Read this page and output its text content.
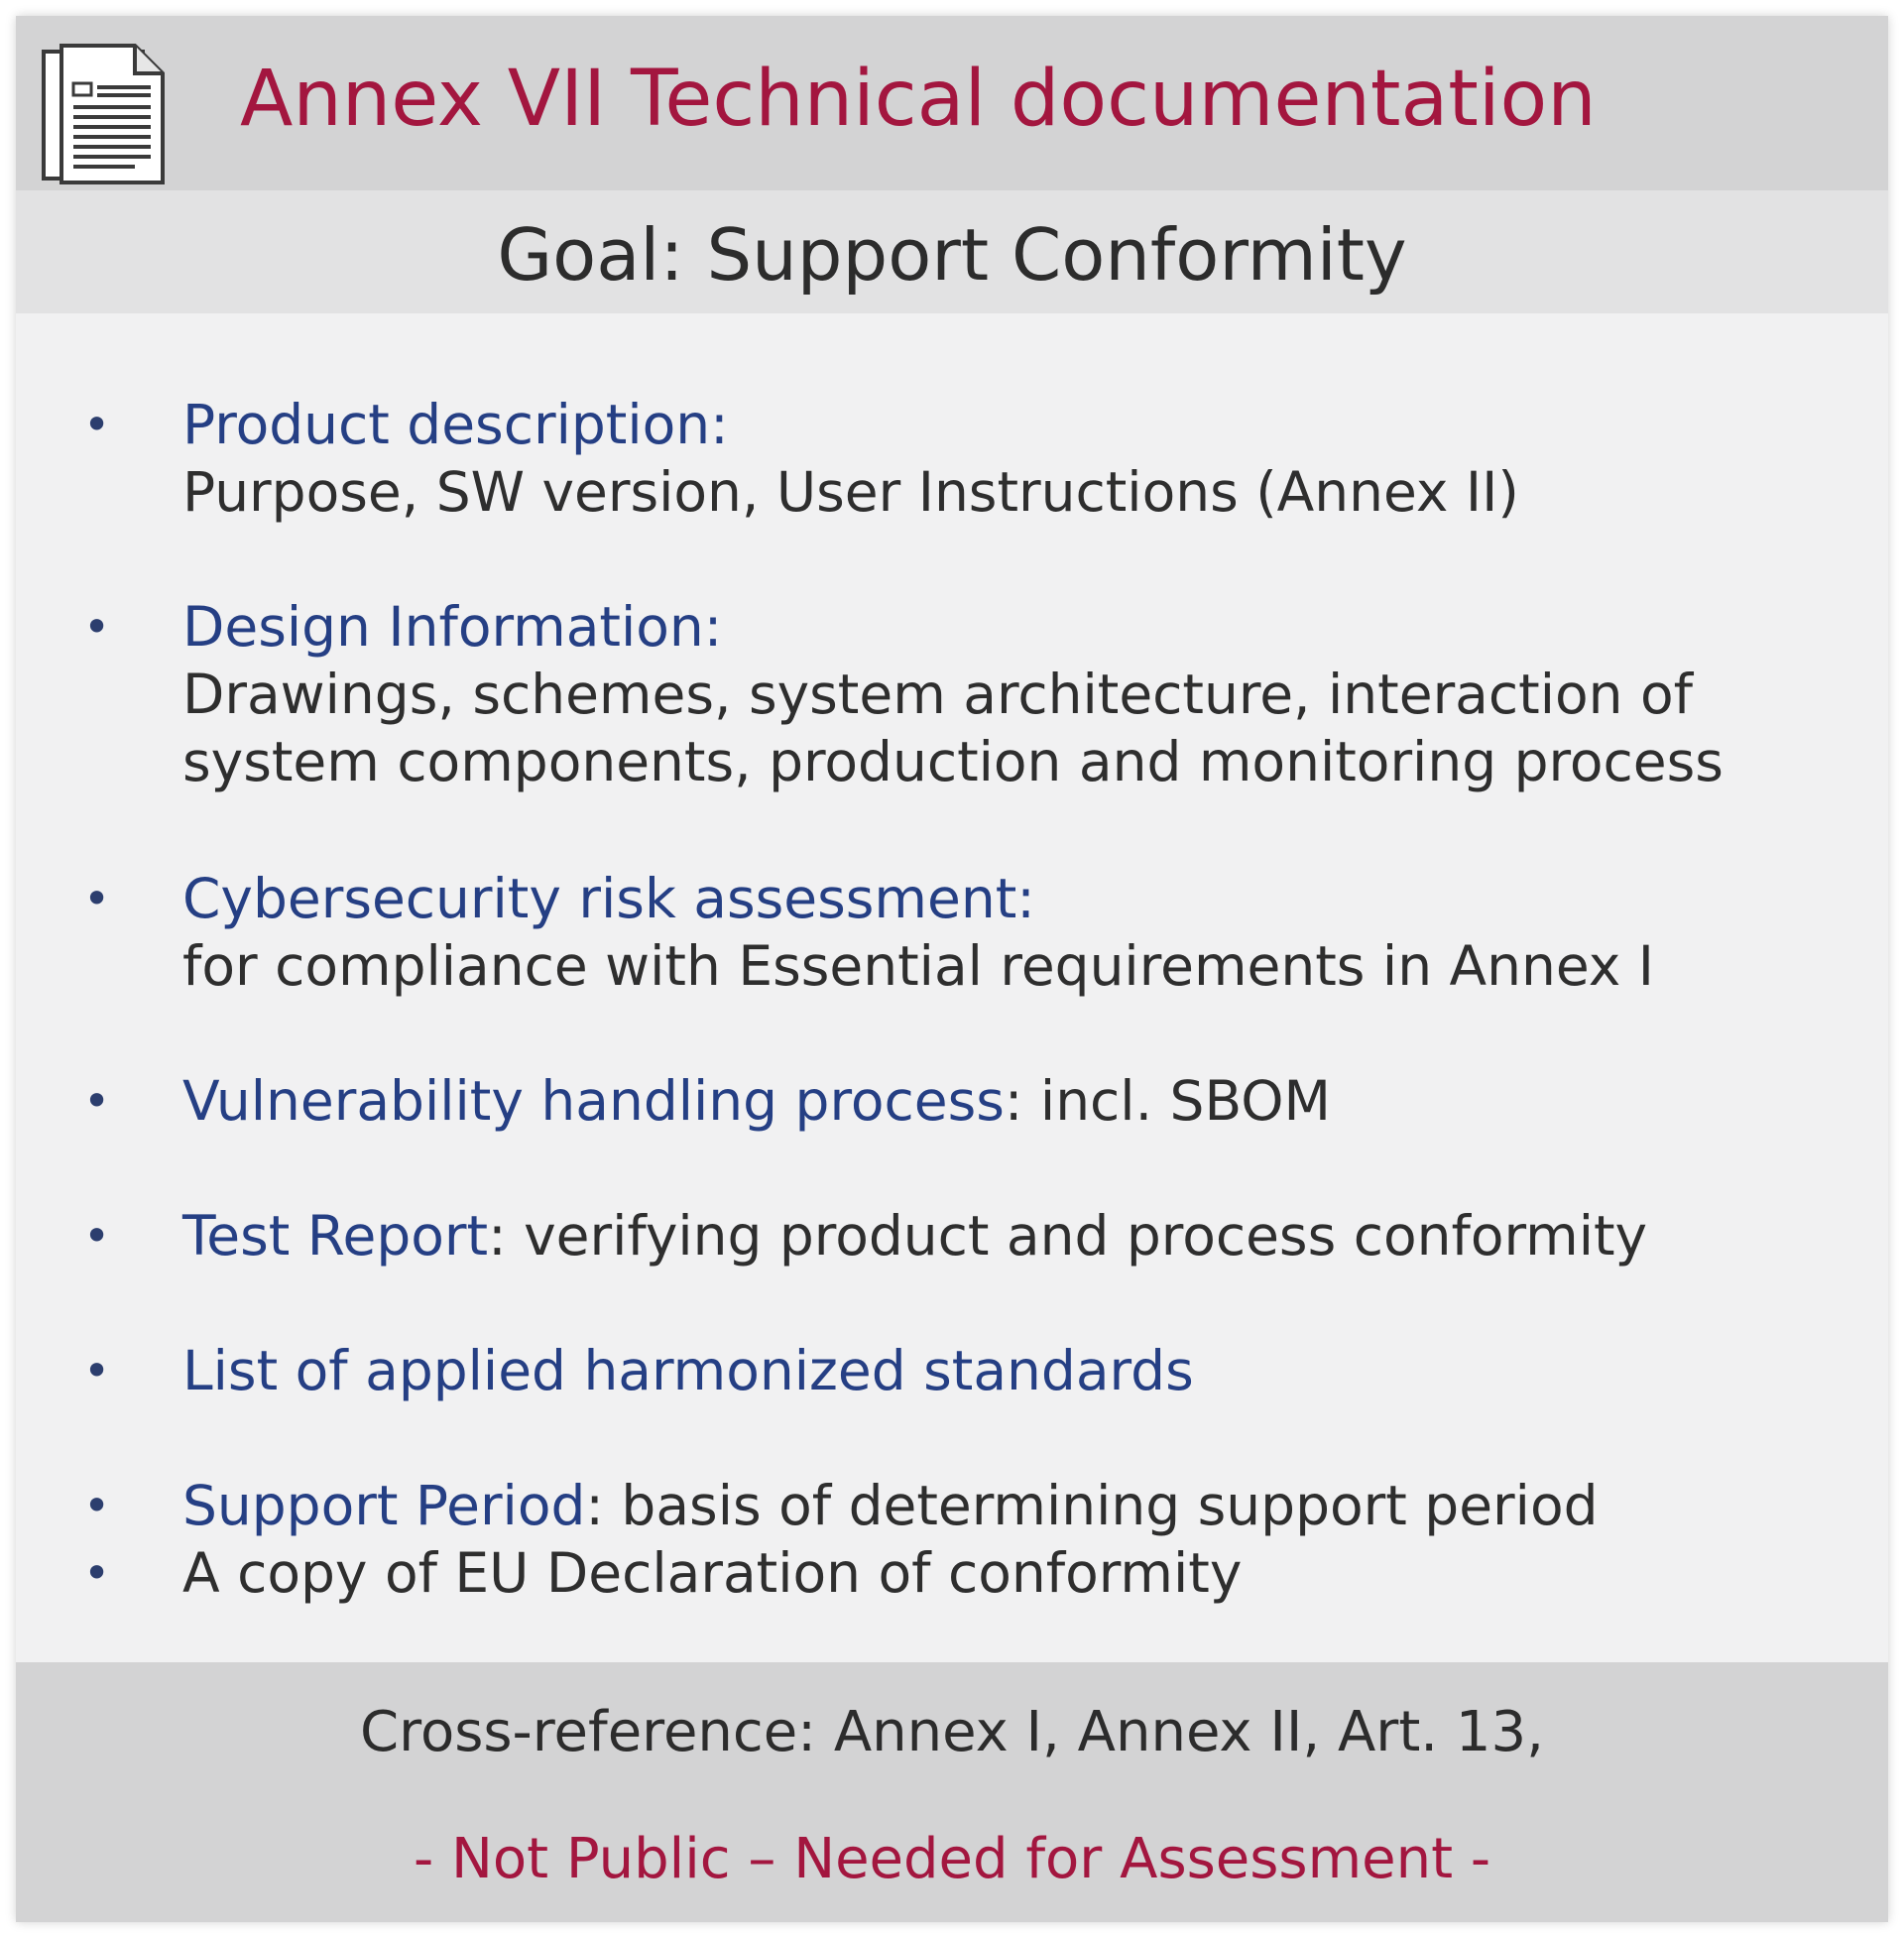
Annex VII Technical documentation
Goal: Support Conformity
• Product description:
Purpose, SW version, User Instructions (Annex II)
• Design Information:
Drawings, schemes, system architecture, interaction of
system components, production and monitoring process
• Cybersecurity risk assessment:
for compliance with Essential requirements in Annex I
• Vulnerability handling process: incl. SBOM
• Test Report: verifying product and process conformity
• List of applied harmonized standards
• Support Period: basis of determining support period
• A copy of EU Declaration of conformity
Cross-reference: Annex I, Annex II, Art. 13,
- Not Public – Needed for Assessment -
